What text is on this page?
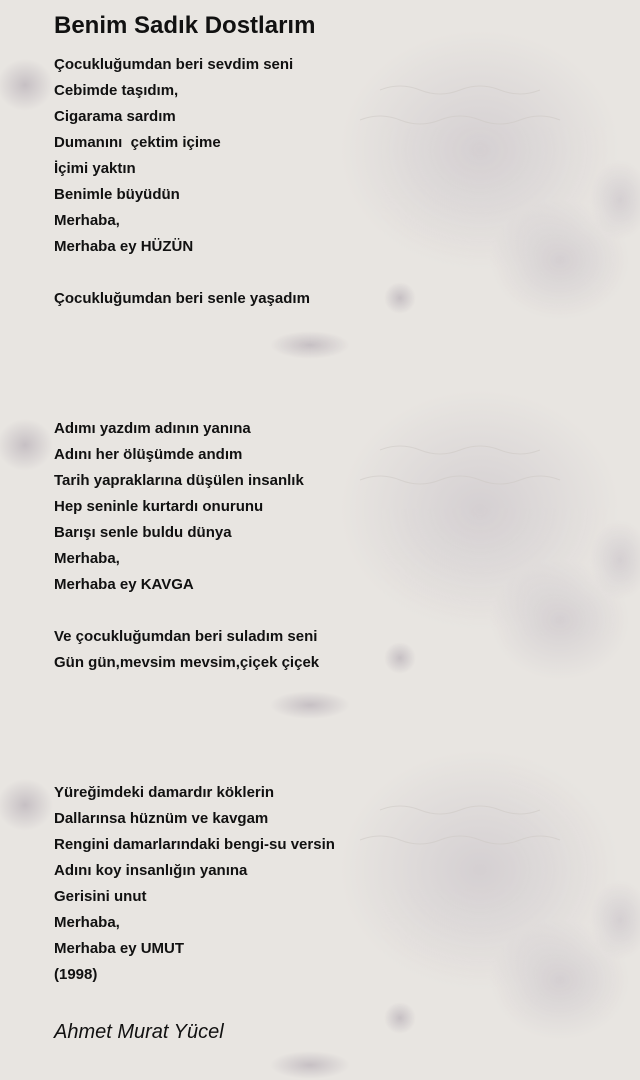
Benim Sadık Dostlarım
Çocukluğumdan beri sevdim seni
Cebimde taşıdım,
Cigarama sardım
Dumanını  çektim içime
İçimi yaktın
Benimle büyüdün
Merhaba,
Merhaba ey HÜZÜN
Çocukluğumdan beri senle yaşadım
Adımı yazdım adının yanına
Adını her ölüşümde andım
Tarih yapraklarına düşülen insanlık
Hep seninle kurtardı onurunu
Barışı senle buldu dünya
Merhaba,
Merhaba ey KAVGA
Ve çocukluğumdan beri suladım seni
Gün gün,mevsim mevsim,çiçek çiçek
Yüreğimdeki damardır köklerin
Dallarınsa hüznüm ve kavgam
Rengini damarlarındaki bengi-su versin
Adını koy insanlığın yanına
Gerisini unut
Merhaba,
Merhaba ey UMUT
(1998)
Ahmet Murat Yücel
